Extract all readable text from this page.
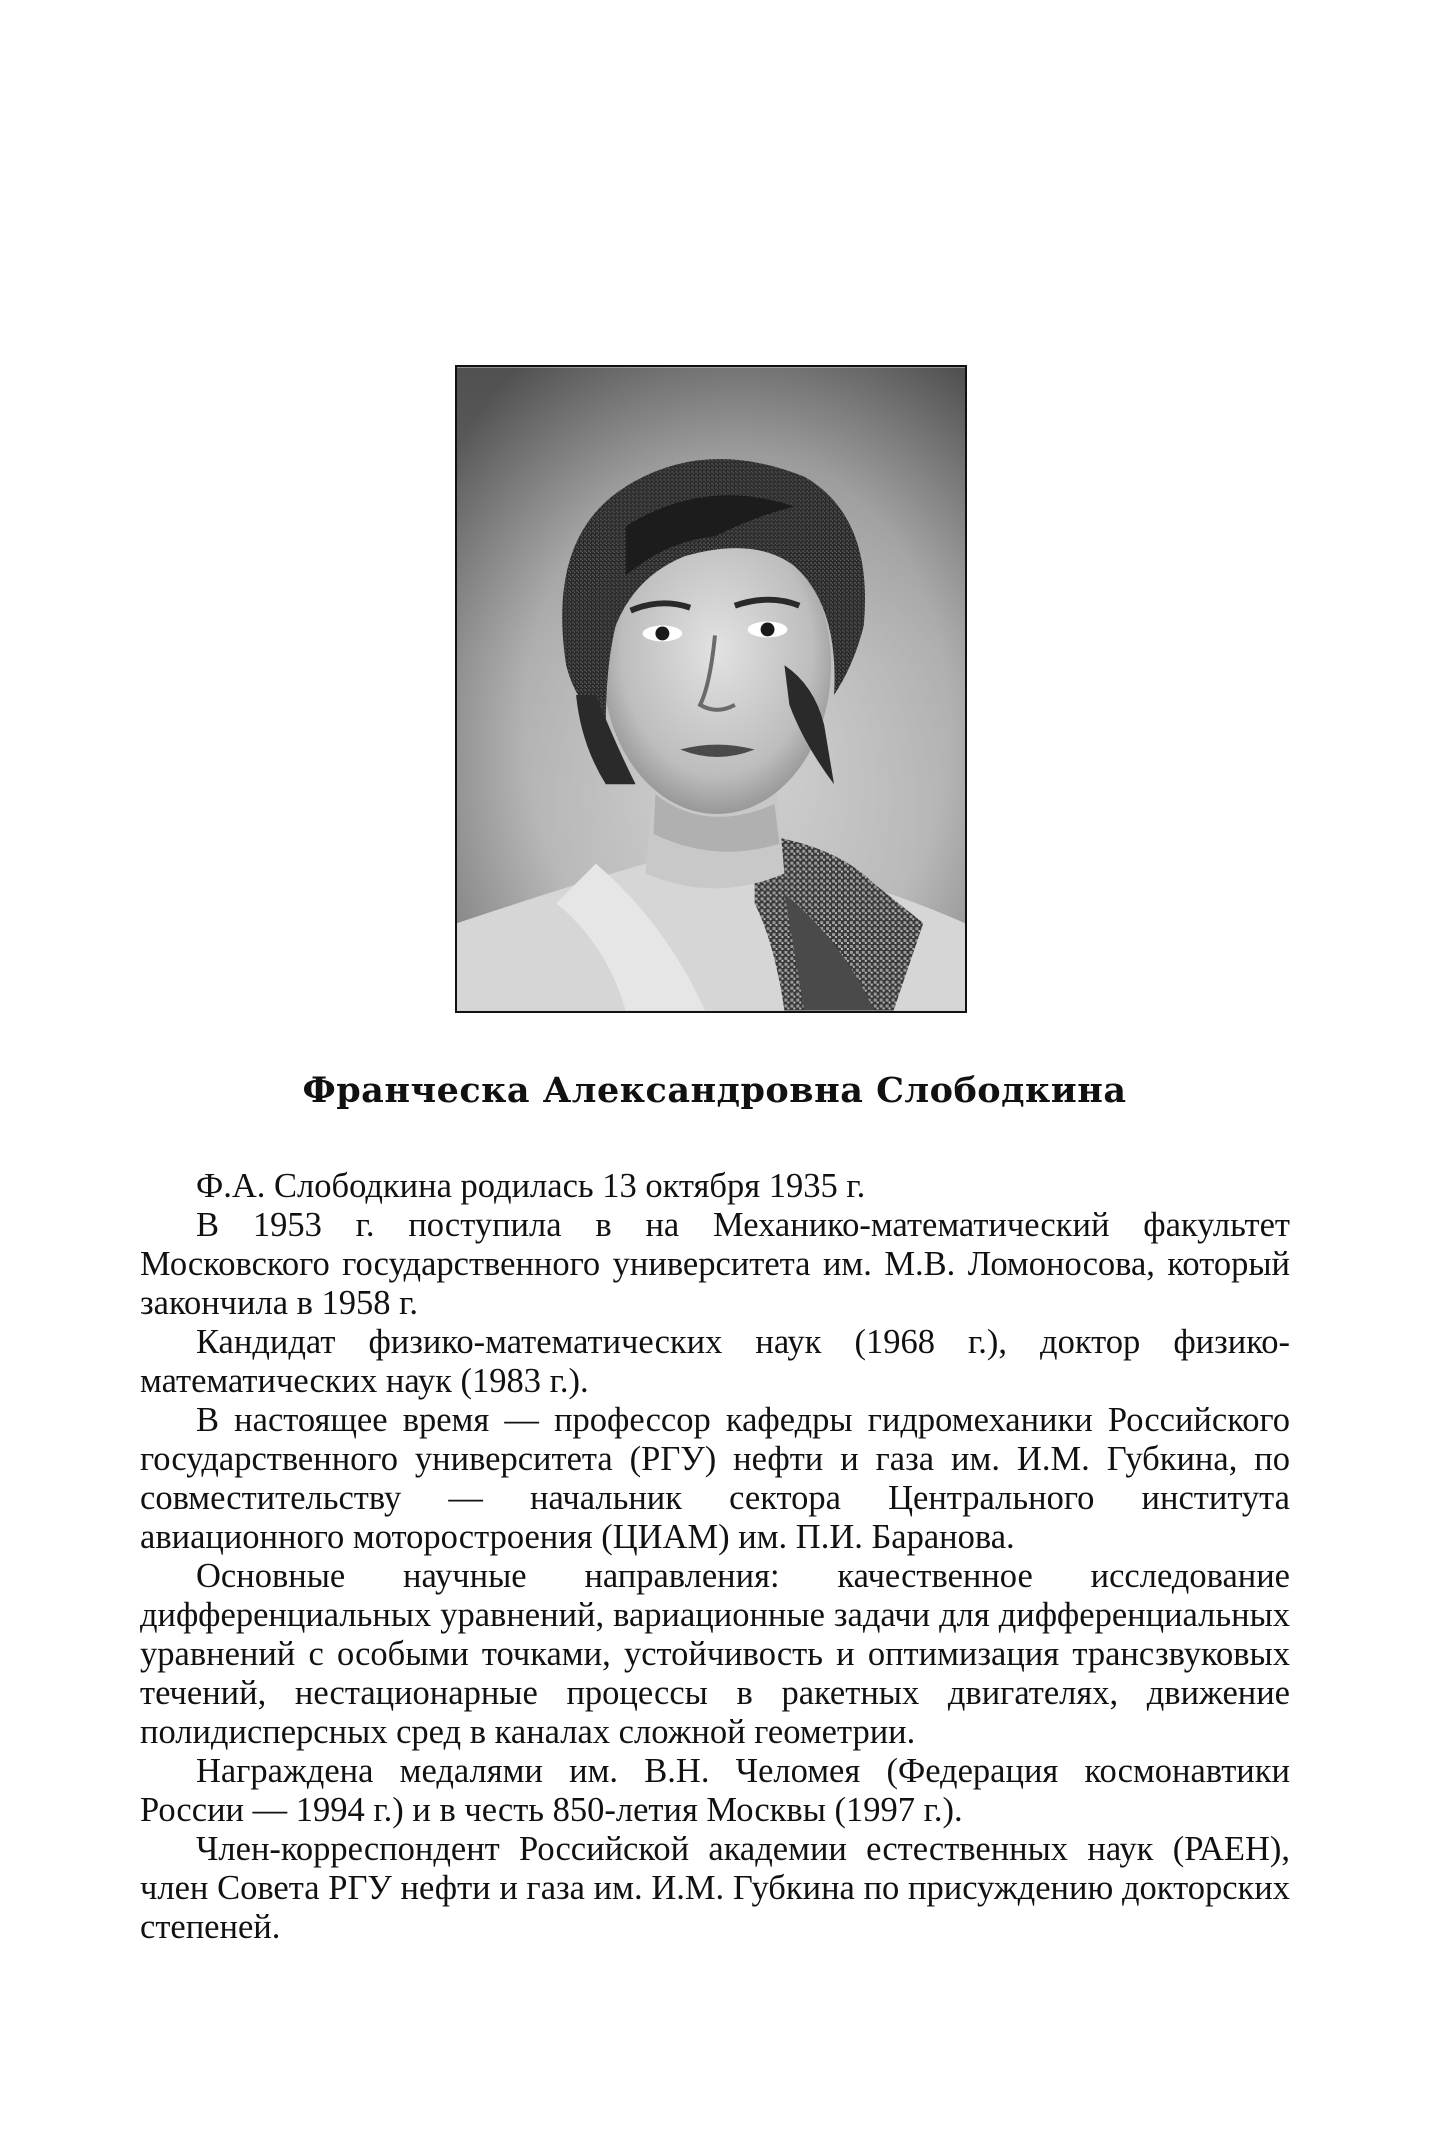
Франческа Александровна Слободкина

Ф.А. Слободкина родилась 13 октября 1935 г.

В 1953 г. поступила в на Механико-математический факультет Московского государственного университета им. М.В. Ломоносова, который закончила в 1958 г.

Кандидат физико-математических наук (1968 г.), доктор физико-математических наук (1983 г.).

В настоящее время — профессор кафедры гидромеханики Российского государственного университета (РГУ) нефти и газа им. И.М. Губкина, по совместительству — начальник сектора Центрального института авиационного моторостроения (ЦИАМ) им. П.И. Баранова.

Основные научные направления: качественное исследование дифференциальных уравнений, вариационные задачи для дифференциальных уравнений с особыми точками, устойчивость и оптимизация трансзвуковых течений, нестационарные процессы в ракетных двигателях, движение полидисперсных сред в каналах сложной геометрии.

Награждена медалями им. В.Н. Челомея (Федерация космонавтики России — 1994 г.) и в честь 850-летия Москвы (1997 г.).

Член-корреспондент Российской академии естественных наук (РАЕН), член Совета РГУ нефти и газа им. И.М. Губкина по присуждению докторских степеней.
